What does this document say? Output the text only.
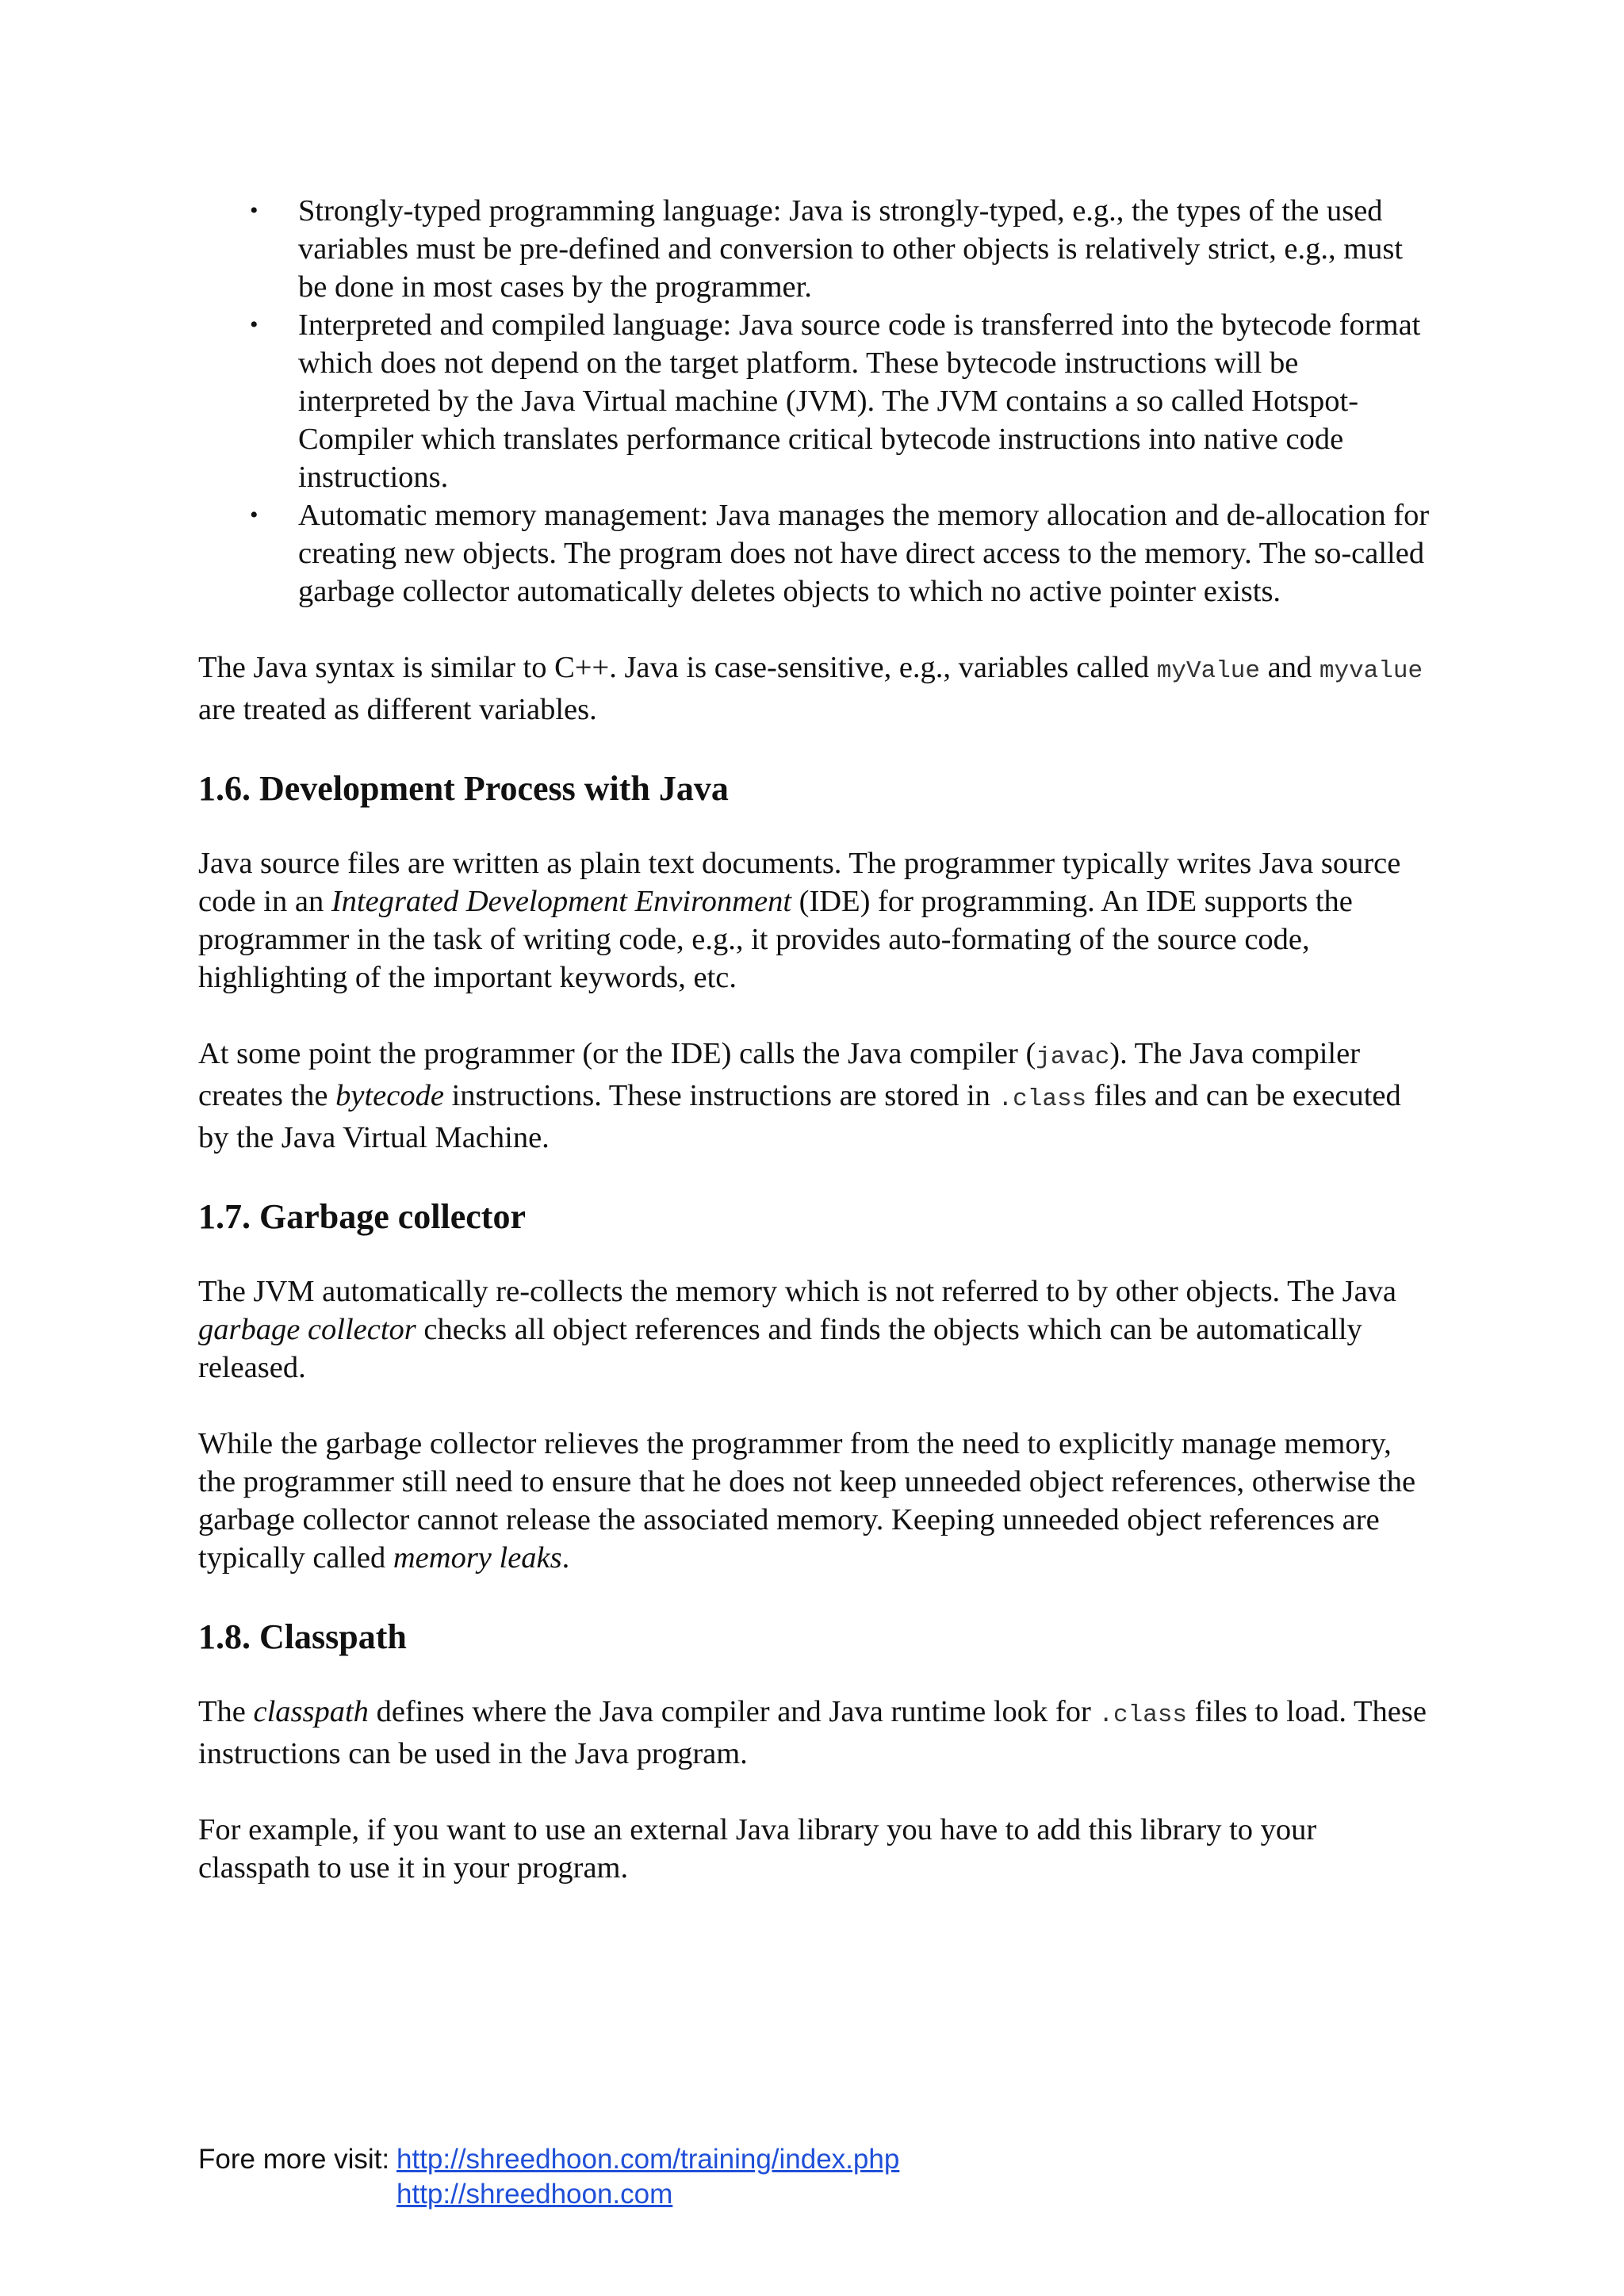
• Strongly-typed programming language: Java is strongly-typed, e.g., the types of the used variables must be pre-defined and conversion to other objects is relatively strict, e.g., must be done in most cases by the programmer.
• Interpreted and compiled language: Java source code is transferred into the bytecode format which does not depend on the target platform. These bytecode instructions will be interpreted by the Java Virtual machine (JVM). The JVM contains a so called Hotspot-Compiler which translates performance critical bytecode instructions into native code instructions.
• Automatic memory management: Java manages the memory allocation and de-allocation for creating new objects. The program does not have direct access to the memory. The so-called garbage collector automatically deletes objects to which no active pointer exists.

The Java syntax is similar to C++. Java is case-sensitive, e.g., variables called myValue and myvalue are treated as different variables.

1.6. Development Process with Java

Java source files are written as plain text documents. The programmer typically writes Java source code in an Integrated Development Environment (IDE) for programming. An IDE supports the programmer in the task of writing code, e.g., it provides auto-formating of the source code, highlighting of the important keywords, etc.

At some point the programmer (or the IDE) calls the Java compiler (javac). The Java compiler creates the bytecode instructions. These instructions are stored in .class files and can be executed by the Java Virtual Machine.

1.7. Garbage collector

The JVM automatically re-collects the memory which is not referred to by other objects. The Java garbage collector checks all object references and finds the objects which can be automatically released.

While the garbage collector relieves the programmer from the need to explicitly manage memory, the programmer still need to ensure that he does not keep unneeded object references, otherwise the garbage collector cannot release the associated memory. Keeping unneeded object references are typically called memory leaks.

1.8. Classpath

The classpath defines where the Java compiler and Java runtime look for .class files to load. These instructions can be used in the Java program.

For example, if you want to use an external Java library you have to add this library to your classpath to use it in your program.

Fore more visit: http://shreedhoon.com/training/index.php
http://shreedhoon.com
